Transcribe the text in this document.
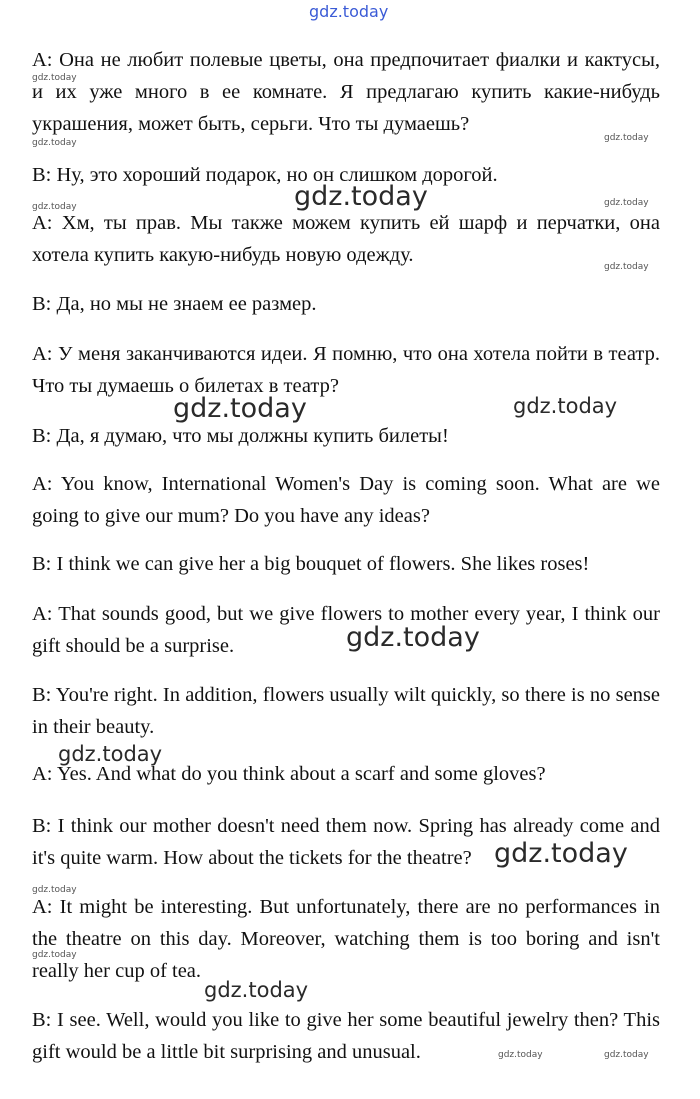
gdz.today

A: Она не любит полевые цветы, она предпочитает фиалки и кактусы, и их уже много в ее комнате. Я предлагаю купить какие-нибудь украшения, может быть, серьги. Что ты думаешь?

B: Ну, это хороший подарок, но он слишком дорогой.

A: Хм, ты прав. Мы также можем купить ей шарф и перчатки, она хотела купить какую-нибудь новую одежду.

B: Да, но мы не знаем ее размер.

A: У меня заканчиваются идеи. Я помню, что она хотела пойти в театр. Что ты думаешь о билетах в театр?

B: Да, я думаю, что мы должны купить билеты!

A: You know, International Women's Day is coming soon. What are we going to give our mum? Do you have any ideas?

B: I think we can give her a big bouquet of flowers. She likes roses!

A: That sounds good, but we give flowers to mother every year, I think our gift should be a surprise.

B: You're right. In addition, flowers usually wilt quickly, so there is no sense in their beauty.

A: Yes. And what do you think about a scarf and some gloves?

B: I think our mother doesn't need them now. Spring has already come and it's quite warm. How about the tickets for the theatre?

A: It might be interesting. But unfortunately, there are no performances in the theatre on this day. Moreover, watching them is too boring and isn't really her cup of tea.

B: I see. Well, would you like to give her some beautiful jewelry then? This gift would be a little bit surprising and unusual.

gdz.today
gdz.today	gdz.today
gdz.today
gdz.today	gdz.today
gdz.today
gdz.today	gdz.today
gdz.today
gdz.today
gdz.today
gdz.today
gdz.today
gdz.today
gdz.today	gdz.today
